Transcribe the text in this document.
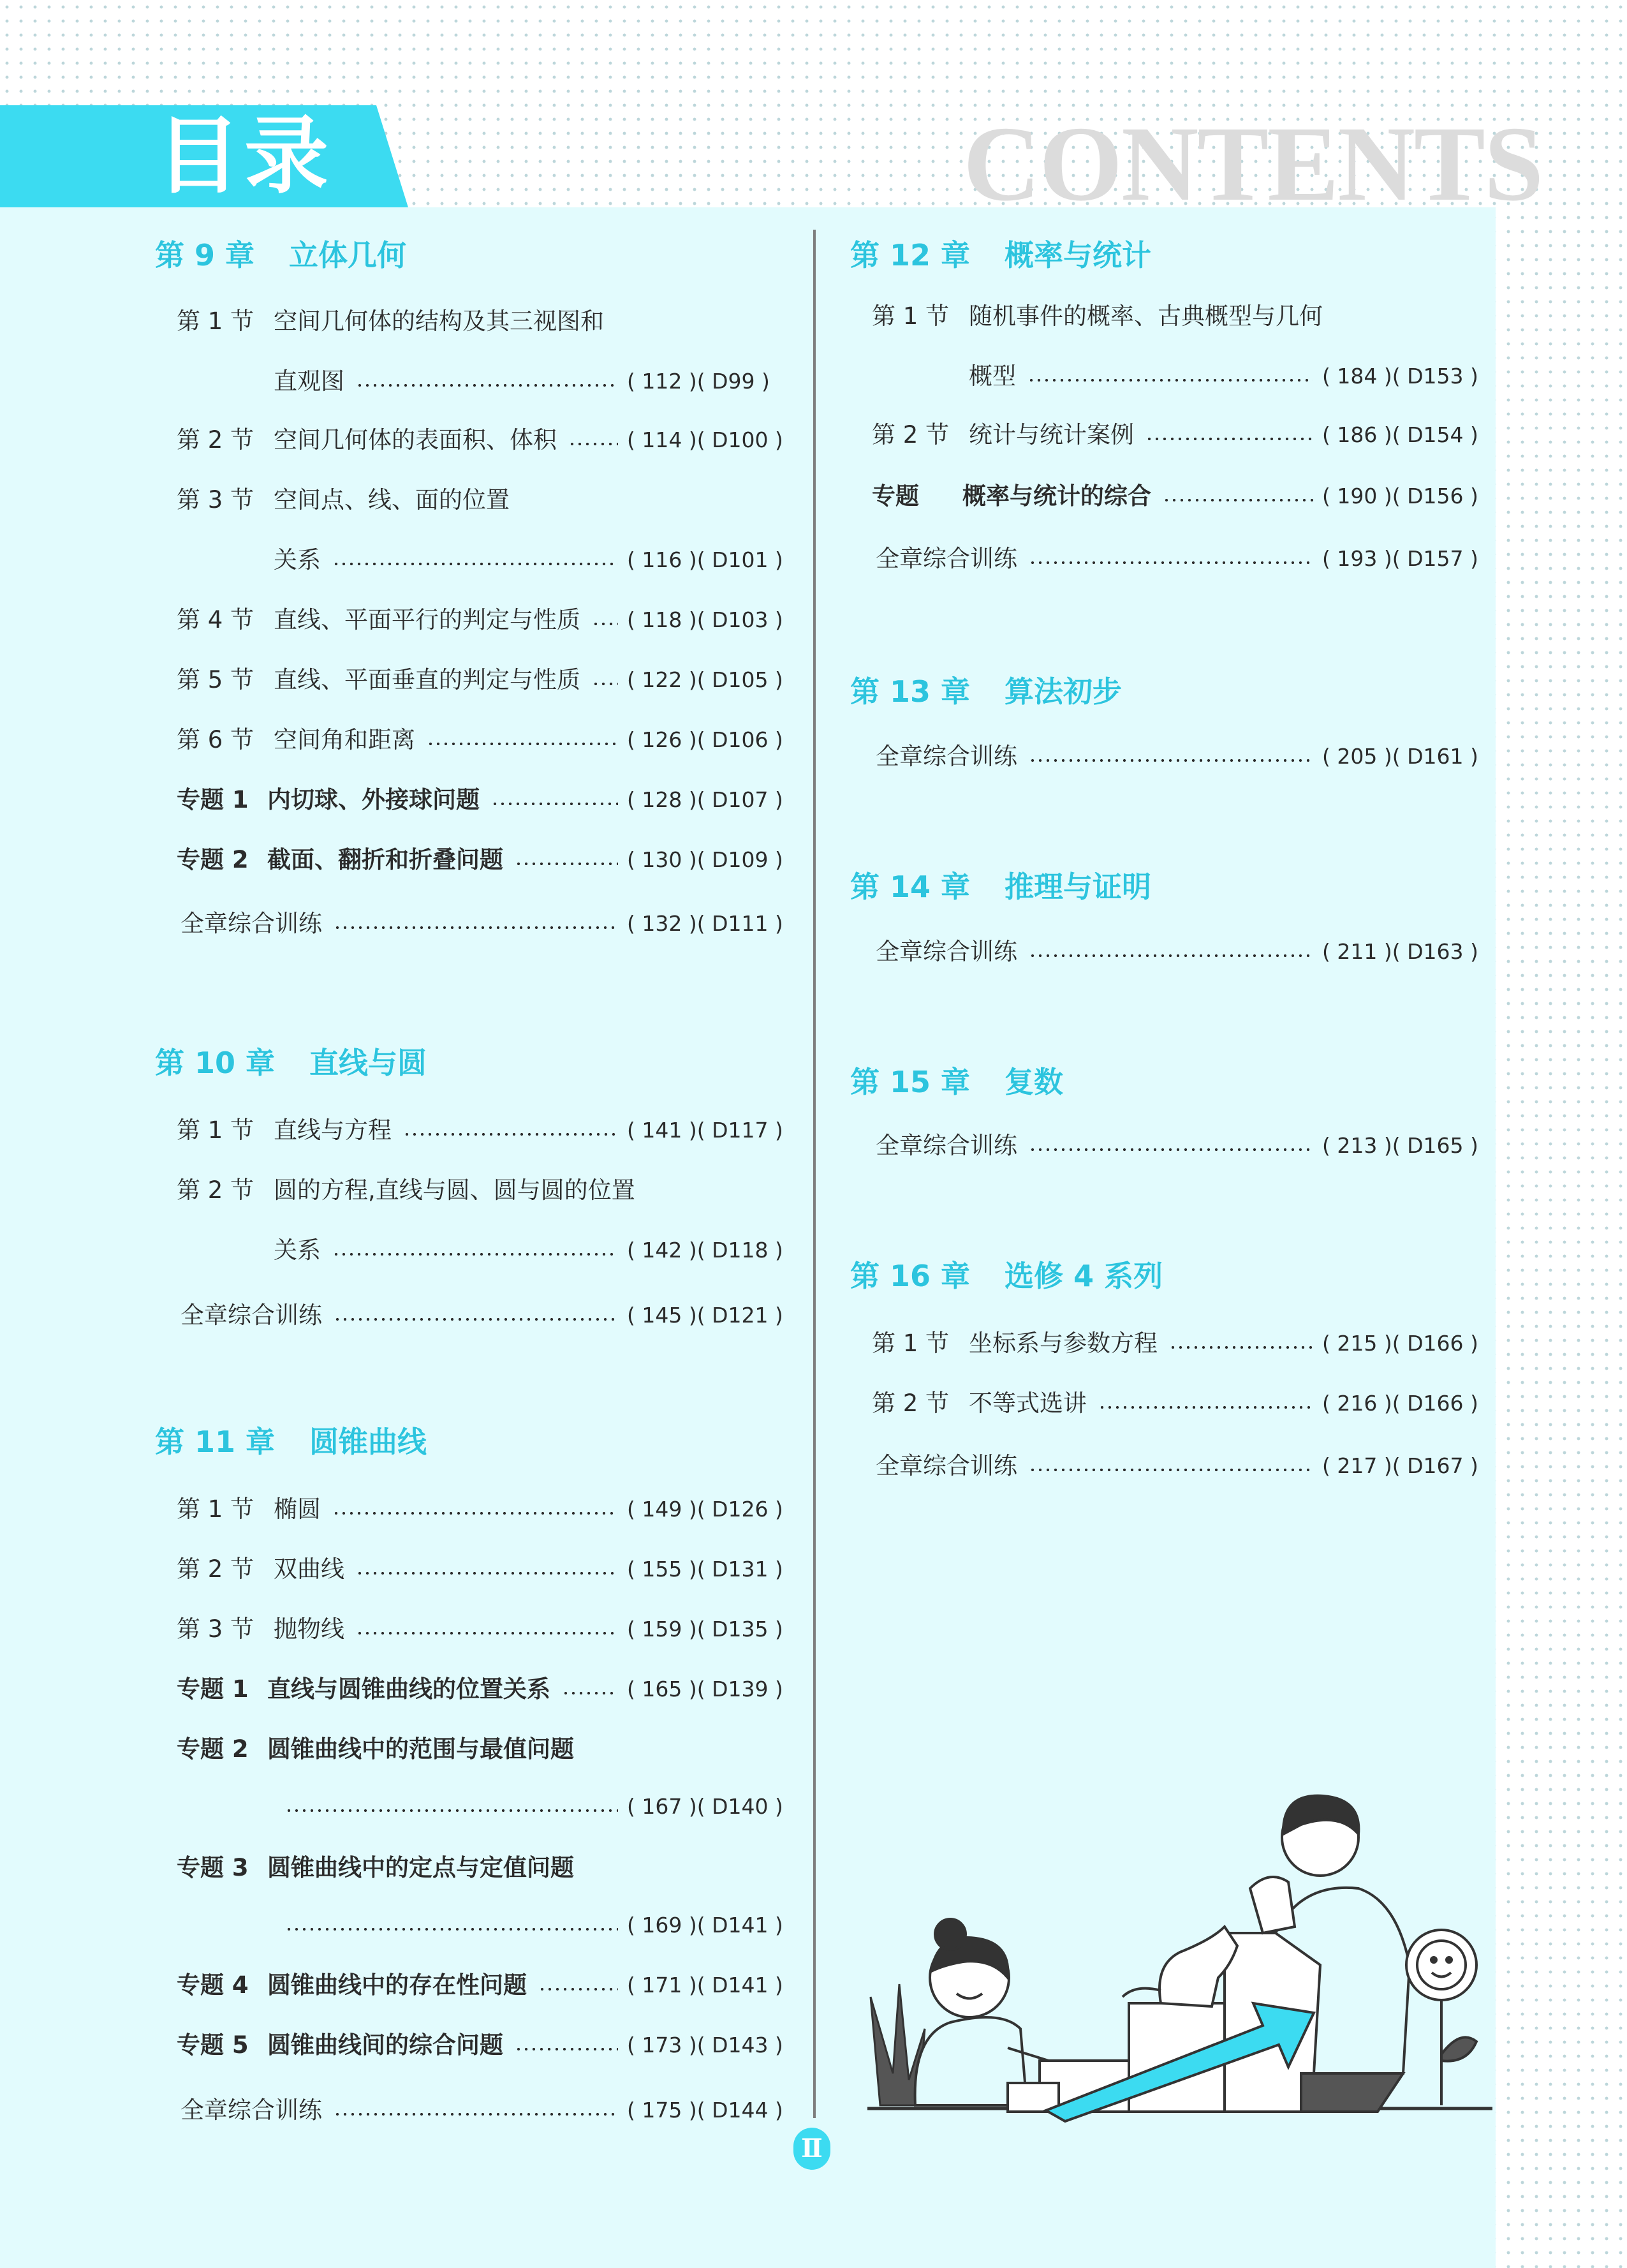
目录	CONTENTS
第 9 章 立体几何
第 1 节 空间几何体的结构及其三视图和
直观图	( 112 )( D99 )
第 2 节 空间几何体的表面积、体积	( 114 )( D100 )
第 3 节 空间点、线、面的位置
关系	( 116 )( D101 )
第 4 节 直线、平面平行的判定与性质 ( 118 )( D103 )
第 5 节 直线、平面垂直的判定与性质 ( 122 )( D105 )
第 6 节 空间角和距离	( 126 )( D106 )
专题 1 内切球、外接球问题	( 128 )( D107 )
专题 2 截面、翻折和折叠问题	( 130 )( D109 )
全章综合训练	( 132 )( D111 )
第 10 章 直线与圆
第 1 节 直线与方程	( 141 )( D117 )
第 2 节 圆的方程,直线与圆、圆与圆的位置
关系	( 142 )( D118 )
全章综合训练	( 145 )( D121 )
第 11 章 圆锥曲线
第 1 节 椭圆	( 149 )( D126 )
第 2 节 双曲线	( 155 )( D131 )
第 3 节 抛物线	( 159 )( D135 )
专题 1 直线与圆锥曲线的位置关系	( 165 )( D139 )
专题 2 圆锥曲线中的范围与最值问题
( 167 )( D140 )
专题 3 圆锥曲线中的定点与定值问题
( 169 )( D141 )
专题 4 圆锥曲线中的存在性问题	( 171 )( D141 )
专题 5 圆锥曲线间的综合问题	( 173 )( D143 )
全章综合训练	( 175 )( D144 )
第 12 章 概率与统计
第 1 节 随机事件的概率、古典概型与几何
概型	( 184 )( D153 )
第 2 节 统计与统计案例	( 186 )( D154 )
专题	概率与统计的综合	( 190 )( D156 )
全章综合训练	( 193 )( D157 )
第 13 章 算法初步
全章综合训练	( 205 )( D161 )
第 14 章 推理与证明
全章综合训练	( 211 )( D163 )
第 15 章 复数
全章综合训练	( 213 )( D165 )
第 16 章 选修 4 系列
第 1 节 坐标系与参数方程	( 215 )( D166 )
第 2 节 不等式选讲	( 216 )( D166 )
全章综合训练	( 217 )( D167 )
Ⅱ
